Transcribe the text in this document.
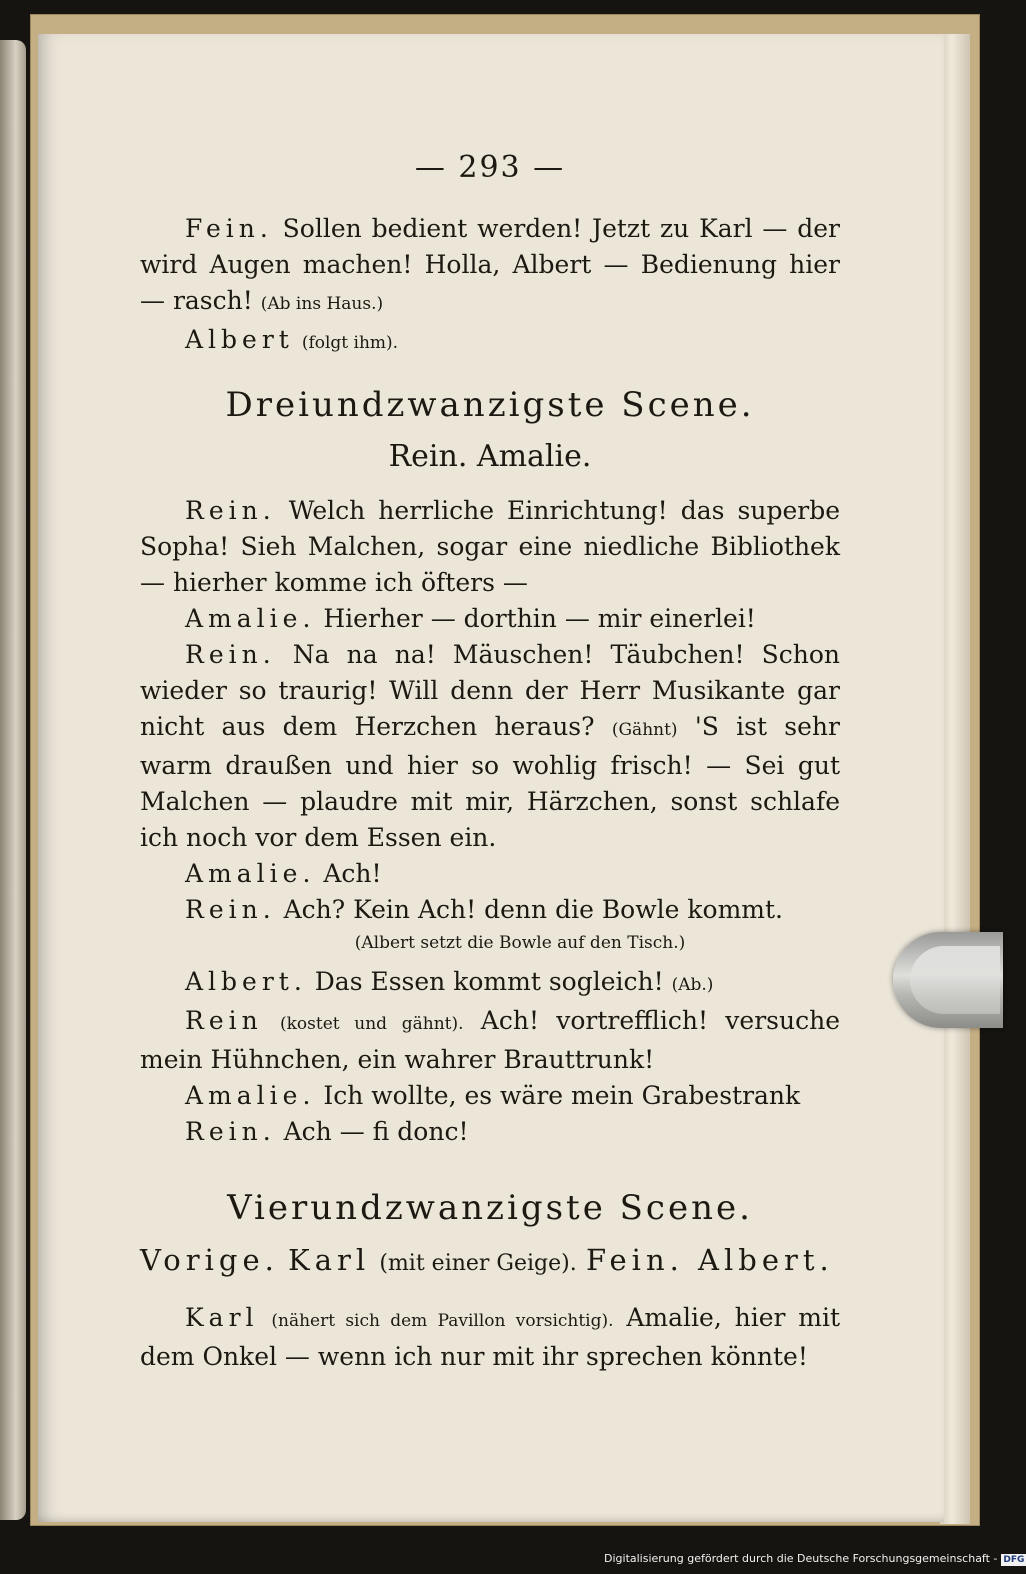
— 293 —

Fein. Sollen bedient werden! Jetzt zu Karl — der wird Augen machen! Holla, Albert — Bedienung hier — rasch! (Ab ins Haus.)

Albert (folgt ihm).

Dreiundzwanzigste Scene.
Rein. Amalie.

Rein. Welch herrliche Einrichtung! das superbe Sopha! Sieh Malchen, sogar eine niedliche Bibliothek — hierher komme ich öfters —

Amalie. Hierher — dorthin — mir einerlei!

Rein. Na na na! Mäuschen! Täubchen! Schon wieder so traurig! Will denn der Herr Musikante gar nicht aus dem Herzchen heraus? (Gähnt) 'S ist sehr warm draußen und hier so wohlig frisch! — Sei gut Malchen — plaudre mit mir, Härzchen, sonst schlafe ich noch vor dem Essen ein.

Amalie. Ach!

Rein. Ach? Kein Ach! denn die Bowle kommt.

(Albert setzt die Bowle auf den Tisch.)

Albert. Das Essen kommt sogleich! (Ab.)

Rein (kostet und gähnt). Ach! vortrefflich! versuche mein Hühnchen, ein wahrer Brauttrunk!

Amalie. Ich wollte, es wäre mein Grabestrank

Rein. Ach — fi donc!

Vierundzwanzigste Scene.
Vorige. Karl (mit einer Geige). Fein. Albert.

Karl (nähert sich dem Pavillon vorsichtig). Amalie, hier mit dem Onkel — wenn ich nur mit ihr sprechen könnte!

Digitalisierung gefördert durch die Deutsche Forschungsgemeinschaft - DFG
